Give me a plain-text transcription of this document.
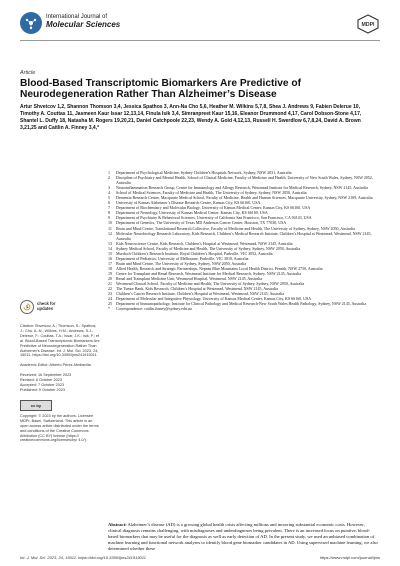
International Journal of
Molecular Sciences	MDPI
Article
Blood-Based Transcriptomic Biomarkers Are Predictive of Neurodegeneration Rather Than Alzheimer’s Disease
Artur Shvetcov 1,2, Shannon Thomson 3,4, Jessica Spathos 3, Ann-Na Cho 5,6, Heather M. Wilkins 5,7,8, Shea J. Andrews 9, Fabien Delerue 10, Timothy A. Couttas 11, Jasmeen Kaur Issar 12,13,14, Finula Isik 3,4, Simranpreet Kaur 15,16, Eleanor Drummond 4,17, Carol Dobson-Stone 4,17, Shantel L. Duffy 18, Natasha M. Rogers 19,20,21, Daniel Catchpoole 22,23, Wendy A. Gold 4,12,13, Russell H. Swerdlow 6,7,8,24, David A. Brown 3,21,25 and Caitlin A. Finney 3,4,*
1	Department of Psychological Medicine, Sydney Children’s Hospitals Network, Sydney, NSW 2031, Australia
2	Discipline of Psychiatry and Mental Health, School of Clinical Medicine, Faculty of Medicine and Health, University of New South Wales, Sydney, NSW 2052, Australia
3	Neuroinflammation Research Group, Centre for Immunology and Allergy Research, Westmead Institute for Medical Research, Sydney, NSW 2145, Australia
4	School of Medical Sciences, Faculty of Medicine and Health, The University of Sydney, Sydney, NSW 2050, Australia
5	Dementia Research Centre, Macquarie Medical School, Faculty of Medicine, Health and Human Sciences, Macquarie University, Sydney, NSW 2109, Australia
6	University of Kansas Alzheimer’s Disease Research Centre, Kansas City, KS 66160, USA
7	Department of Biochemistry and Molecular Biology, University of Kansas Medical Center, Kansas City, KS 66160, USA
8	Department of Neurology, University of Kansas Medical Center, Kansas City, KS 66160, USA
9	Department of Psychiatry & Behavioral Sciences, University of California San Francisco, San Francisco, CA 94143, USA
10	Department of Genetics, The University of Texas MD Anderson Cancer Center, Houston, TX 77030, USA
11	Brain and Mind Centre, Translational Research Collective, Faculty of Medicine and Health, The University of Sydney, Sydney, NSW 2050, Australia
12	Molecular Neurobiology Research Laboratory, Kids Research, Children’s Medical Research Institute, Children’s Hospital at Westmead, Westmead, NSW 2145, Australia
13	Kids Neuroscience Centre, Kids Research, Children’s Hospital at Westmead, Westmead, NSW 2145, Australia
14	Sydney Medical School, Faculty of Medicine and Health, The University of Sydney, Sydney, NSW 2050, Australia
15	Murdoch Children’s Research Institute, Royal Children’s Hospital, Parkville, VIC 3052, Australia
16	Department of Pediatrics, University of Melbourne, Parkville, VIC 3010, Australia
17	Brain and Mind Centre, The University of Sydney, Sydney, NSW 2050, Australia
18	Allied Health, Research and Strategic Partnerships, Nepean Blue Mountains Local Health District, Penrith, NSW 2750, Australia
19	Centre for Transplant and Renal Research, Westmead Institute for Medical Research, Sydney, NSW 2145, Australia
20	Renal and Transplant Medicine Unit, Westmead Hospital, Westmead, NSW 2145, Australia
21	Westmead Clinical School, Faculty of Medicine and Health, The University of Sydney, Sydney, NSW 2050, Australia
22	The Tumor Bank, Kids Research, Children’s Hospital at Westmead, Westmead, NSW 2145, Australia
23	Children’s Cancer Research Institute, Children’s Hospital at Westmead, Westmead, NSW 2145, Australia
24	Department of Molecular and Integrative Physiology, University of Kansas Medical Center, Kansas City, KS 66160, USA
25	Department of Immunopathology, Institute for Clinical Pathology and Medical Research-New South Wales Health Pathology, Sydney, NSW 2145, Australia
*	Correspondence: caitlin.finney@sydney.edu.au
check for
updates

Citation: Shvetcov, A.; Thomson, S.; Spathos, J.; Cho, A.-N.; Wilkins, H.M.; Andrews, S.J.; Delerue, F.; Couttas, T.A.; Issar, J.K.; Isik, F.; et al. Blood-Based Transcriptomic Biomarkers Are Predictive of Neurodegeneration Rather Than Alzheimer’s Disease. Int. J. Mol. Sci. 2023, 24, 15011. https://doi.org/10.3390/ijms241915011

Academic Editor: Alberto Pérez-Mediavilla

Received: 16 September 2023

Revised: 6 October 2023

Accepted: 7 October 2023

Published: 9 October 2023

cc by

Copyright: © 2023 by the authors. Licensee MDPI, Basel, Switzerland. This article is an open access article distributed under the terms and conditions of the Creative Commons Attribution (CC BY) license (https:// creativecommons.org/licenses/by/ 4.0/).

Abstract: Alzheimer’s disease (AD) is a growing global health crisis affecting millions and incurring substantial economic costs. However, clinical diagnosis remains challenging, with misdiagnoses and underdiagnoses being prevalent. There is an increased focus on putative, blood-based biomarkers that may be useful for the diagnosis as well as early detection of AD. In the present study, we used an unbiased combination of machine learning and functional network analyses to identify blood gene biomarker candidates in AD. Using supervised machine learning, we also determined whether these
Int. J. Mol. Sci. 2023, 24, 15011. https://doi.org/10.3390/ijms241915011	https://www.mdpi.com/journal/ijms
